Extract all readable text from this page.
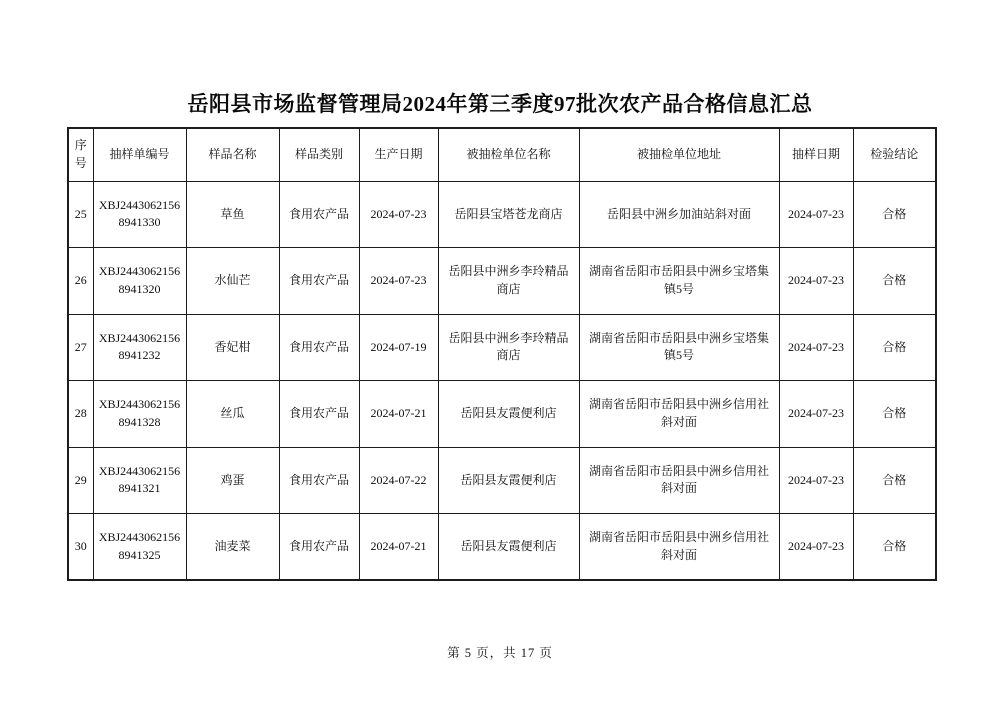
岳阳县市场监督管理局2024年第三季度97批次农产品合格信息汇总
序号	抽样单编号	样品名称	样品类别	生产日期	被抽检单位名称	被抽检单位地址	抽样日期	检验结论
25	XBJ24430621568941330	草鱼	食用农产品	2024-07-23	岳阳县宝塔苍龙商店	岳阳县中洲乡加油站斜对面	2024-07-23	合格
26	XBJ24430621568941320	水仙芒	食用农产品	2024-07-23	岳阳县中洲乡李玲精品商店	湖南省岳阳市岳阳县中洲乡宝塔集镇5号	2024-07-23	合格
27	XBJ24430621568941232	香妃柑	食用农产品	2024-07-19	岳阳县中洲乡李玲精品商店	湖南省岳阳市岳阳县中洲乡宝塔集镇5号	2024-07-23	合格
28	XBJ24430621568941328	丝瓜	食用农产品	2024-07-21	岳阳县友霞便利店	湖南省岳阳市岳阳县中洲乡信用社斜对面	2024-07-23	合格
29	XBJ24430621568941321	鸡蛋	食用农产品	2024-07-22	岳阳县友霞便利店	湖南省岳阳市岳阳县中洲乡信用社斜对面	2024-07-23	合格
30	XBJ24430621568941325	油麦菜	食用农产品	2024-07-21	岳阳县友霞便利店	湖南省岳阳市岳阳县中洲乡信用社斜对面	2024-07-23	合格
第 5 页，共 17 页
